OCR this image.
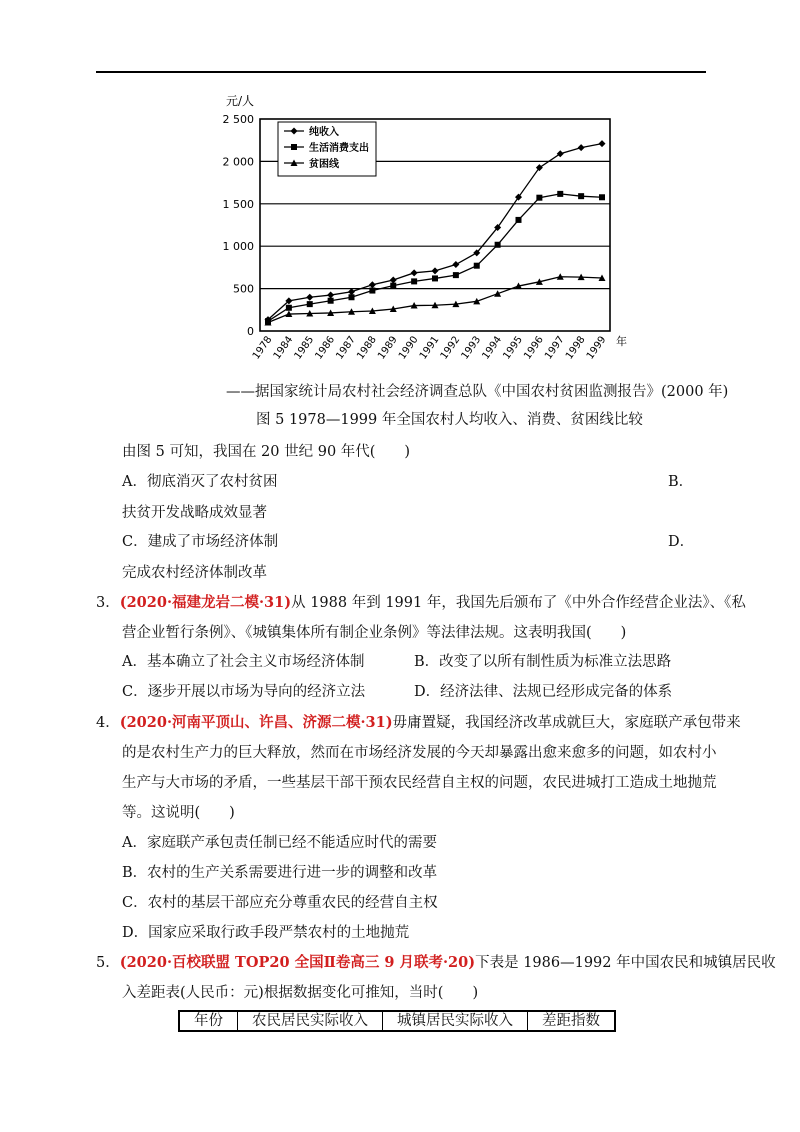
元/人
0
500
1 000
1 500
2 000
2 500
1978
1984
1985
1986
1987
1988
1989
1990
1991
1992
1993
1994
1995
1996
1997
1998
1999 年
纯收入
生活消费支出
贫困线
——据国家统计局农村社会经济调查总队《中国农村贫困监测报告》(2000 年)
图 5 1978—1999 年全国农村人均收入、消费、贫困线比较
由图 5 可知，我国在 20 世纪 90 年代(　　)
A．彻底消灭了农村贫困	B．
扶贫开发战略成效显著
C．建成了市场经济体制	D．
完成农村经济体制改革
3．(2020·福建龙岩二模·31)从 1988 年到 1991 年，我国先后颁布了《中外合作经营企业法》、《私
营企业暂行条例》、《城镇集体所有制企业条例》等法律法规。这表明我国(　　)
A．基本确立了社会主义市场经济体制	B．改变了以所有制性质为标准立法思路
C．逐步开展以市场为导向的经济立法	D．经济法律、法规已经形成完备的体系
4．(2020·河南平顶山、许昌、济源二模·31)毋庸置疑，我国经济改革成就巨大，家庭联产承包带来
的是农村生产力的巨大释放，然而在市场经济发展的今天却暴露出愈来愈多的问题，如农村小
生产与大市场的矛盾，一些基层干部干预农民经营自主权的问题，农民进城打工造成土地抛荒
等。这说明(　　)
A．家庭联产承包责任制已经不能适应时代的需要
B．农村的生产关系需要进行进一步的调整和改革
C．农村的基层干部应充分尊重农民的经营自主权
D．国家应采取行政手段严禁农村的土地抛荒
5．(2020·百校联盟 TOP20 全国Ⅱ卷高三 9 月联考·20)下表是 1986—1992 年中国农民和城镇居民收
入差距表(人民币：元)根据数据变化可推知，当时(　　)
年份	农民居民实际收入	城镇居民实际收入	差距指数
